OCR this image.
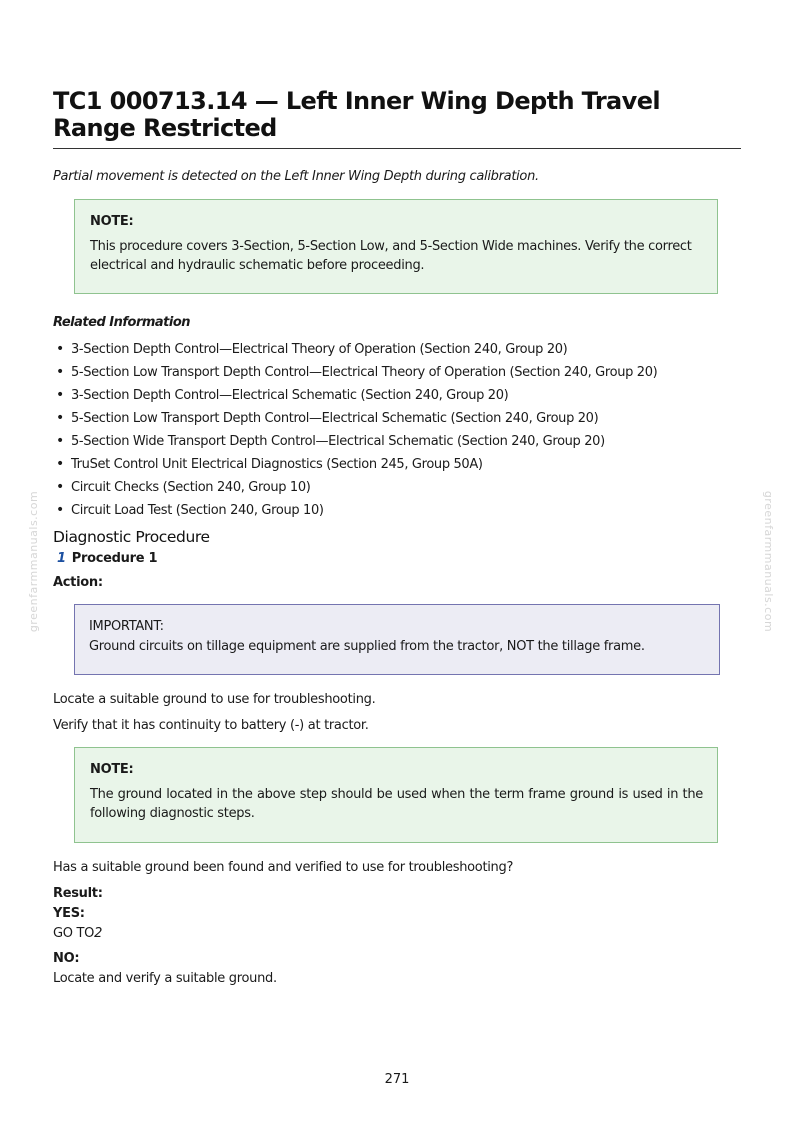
TC1 000713.14 — Left Inner Wing Depth Travel Range Restricted

Partial movement is detected on the Left Inner Wing Depth during calibration.

NOTE:
This procedure covers 3-Section, 5-Section Low, and 5-Section Wide machines. Verify the correct electrical and hydraulic schematic before proceeding.
Related Information
• 3-Section Depth Control—Electrical Theory of Operation (Section 240, Group 20)
• 5-Section Low Transport Depth Control—Electrical Theory of Operation (Section 240, Group 20)
• 3-Section Depth Control—Electrical Schematic (Section 240, Group 20)
• 5-Section Low Transport Depth Control—Electrical Schematic (Section 240, Group 20)
• 5-Section Wide Transport Depth Control—Electrical Schematic (Section 240, Group 20)
• TruSet Control Unit Electrical Diagnostics (Section 245, Group 50A)
• Circuit Checks (Section 240, Group 10)
• Circuit Load Test (Section 240, Group 10)
Diagnostic Procedure
1 Procedure 1
Action:
IMPORTANT:
Ground circuits on tillage equipment are supplied from the tractor, NOT the tillage frame.
Locate a suitable ground to use for troubleshooting.
Verify that it has continuity to battery (-) at tractor.
NOTE:

The ground located in the above step should be used when the term frame ground is used in the following diagnostic steps.

Has a suitable ground been found and verified to use for troubleshooting?
Result:
YES:
GO TO2
NO:
Locate and verify a suitable ground.
greenfarmmanuals.com	greenfarmmanuals.com
271
